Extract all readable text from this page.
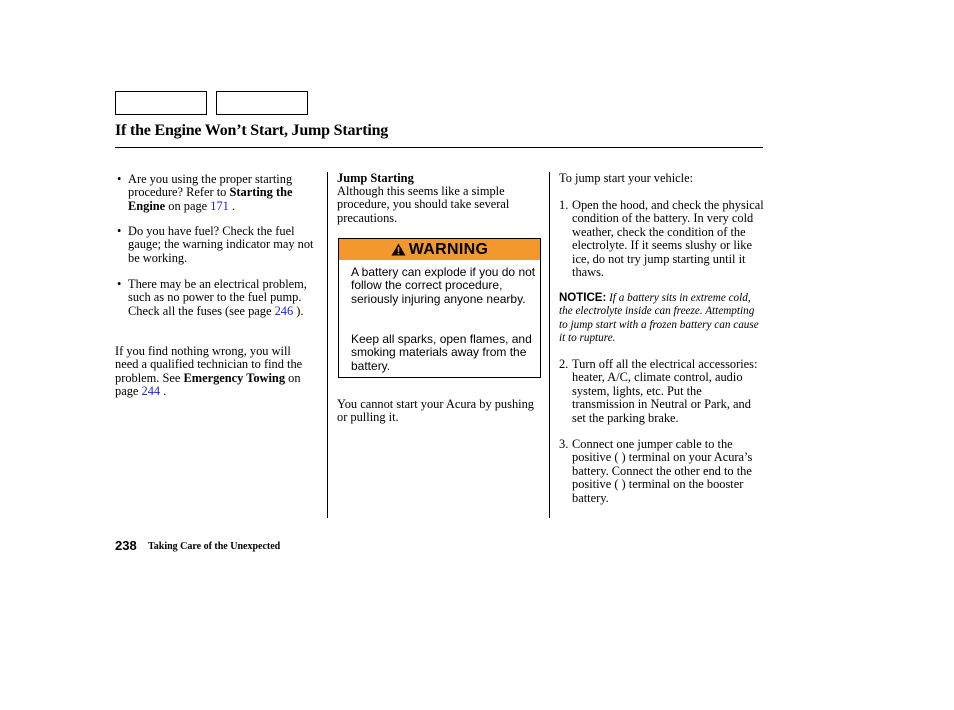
If the Engine Won’t Start, Jump Starting
• Are you using the proper starting procedure? Refer to Starting the Engine on page 171 .
• Do you have fuel? Check the fuel gauge; the warning indicator may not be working.
• There may be an electrical problem, such as no power to the fuel pump. Check all the fuses (see page 246 ).
If you find nothing wrong, you will need a qualified technician to find the problem. See Emergency Towing on page 244 .
Jump Starting
Although this seems like a simple procedure, you should take several precautions.
WARNING
A battery can explode if you do not follow the correct procedure, seriously injuring anyone nearby.
Keep all sparks, open flames, and smoking materials away from the battery.
You cannot start your Acura by pushing or pulling it.
To jump start your vehicle:
1. Open the hood, and check the physical condition of the battery. In very cold weather, check the condition of the electrolyte. If it seems slushy or like ice, do not try jump starting until it thaws.
NOTICE: If a battery sits in extreme cold, the electrolyte inside can freeze. Attempting to jump start with a frozen battery can cause it to rupture.
2. Turn off all the electrical accessories: heater, A/C, climate control, audio system, lights, etc. Put the transmission in Neutral or Park, and set the parking brake.
3. Connect one jumper cable to the positive ( ) terminal on your Acura’s battery. Connect the other end to the positive ( ) terminal on the booster battery.
238 Taking Care of the Unexpected
